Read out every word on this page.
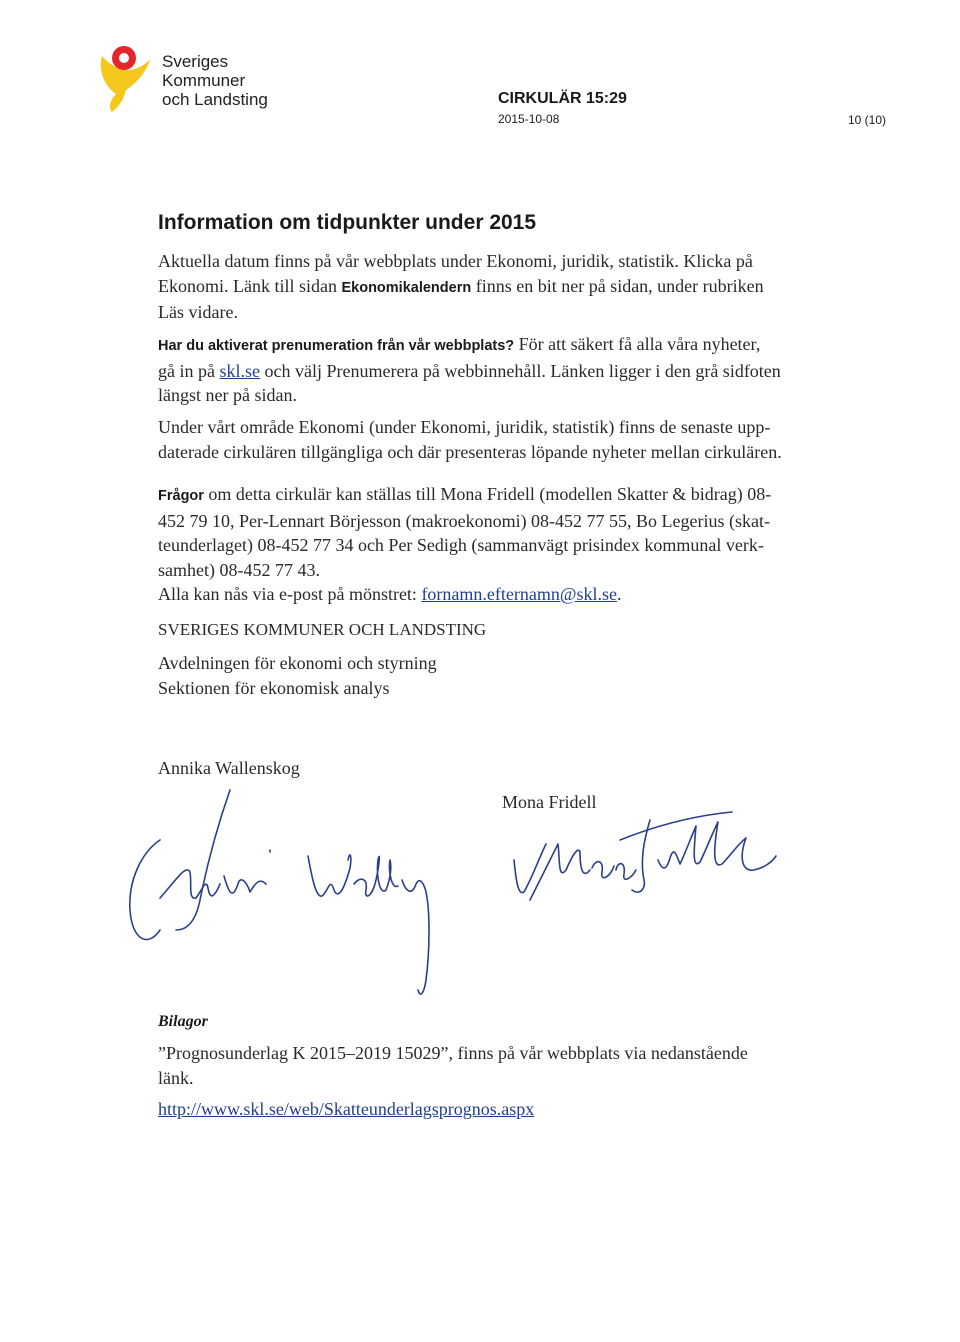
Sveriges
Kommuner
och Landsting	CIRKULÄR 15:29
2015-10-08	10 (10)
Information om tidpunkter under 2015
Aktuella datum finns på vår webbplats under Ekonomi, juridik, statistik. Klicka på
Ekonomi. Länk till sidan Ekonomikalendern finns en bit ner på sidan, under rubriken
Läs vidare.
Har du aktiverat prenumeration från vår webbplats? För att säkert få alla våra nyheter,
gå in på skl.se och välj Prenumerera på webbinnehåll. Länken ligger i den grå sidfoten
längst ner på sidan.
Under vårt område Ekonomi (under Ekonomi, juridik, statistik) finns de senaste upp-
daterade cirkulären tillgängliga och där presenteras löpande nyheter mellan cirkulären.
Frågor om detta cirkulär kan ställas till Mona Fridell (modellen Skatter & bidrag) 08-
452 79 10, Per-Lennart Börjesson (makroekonomi) 08-452 77 55, Bo Legerius (skat-
teunderlaget) 08-452 77 34 och Per Sedigh (sammanvägt prisindex kommunal verk-
samhet) 08-452 77 43.
Alla kan nås via e-post på mönstret: fornamn.efternamn@skl.se.
SVERIGES KOMMUNER OCH LANDSTING
Avdelningen för ekonomi och styrning
Sektionen för ekonomisk analys
Annika Wallenskog
Mona Fridell
Bilagor
”Prognosunderlag K 2015–2019 15029”, finns på vår webbplats via nedanstående
länk.
http://www.skl.se/web/Skatteunderlagsprognos.aspx
